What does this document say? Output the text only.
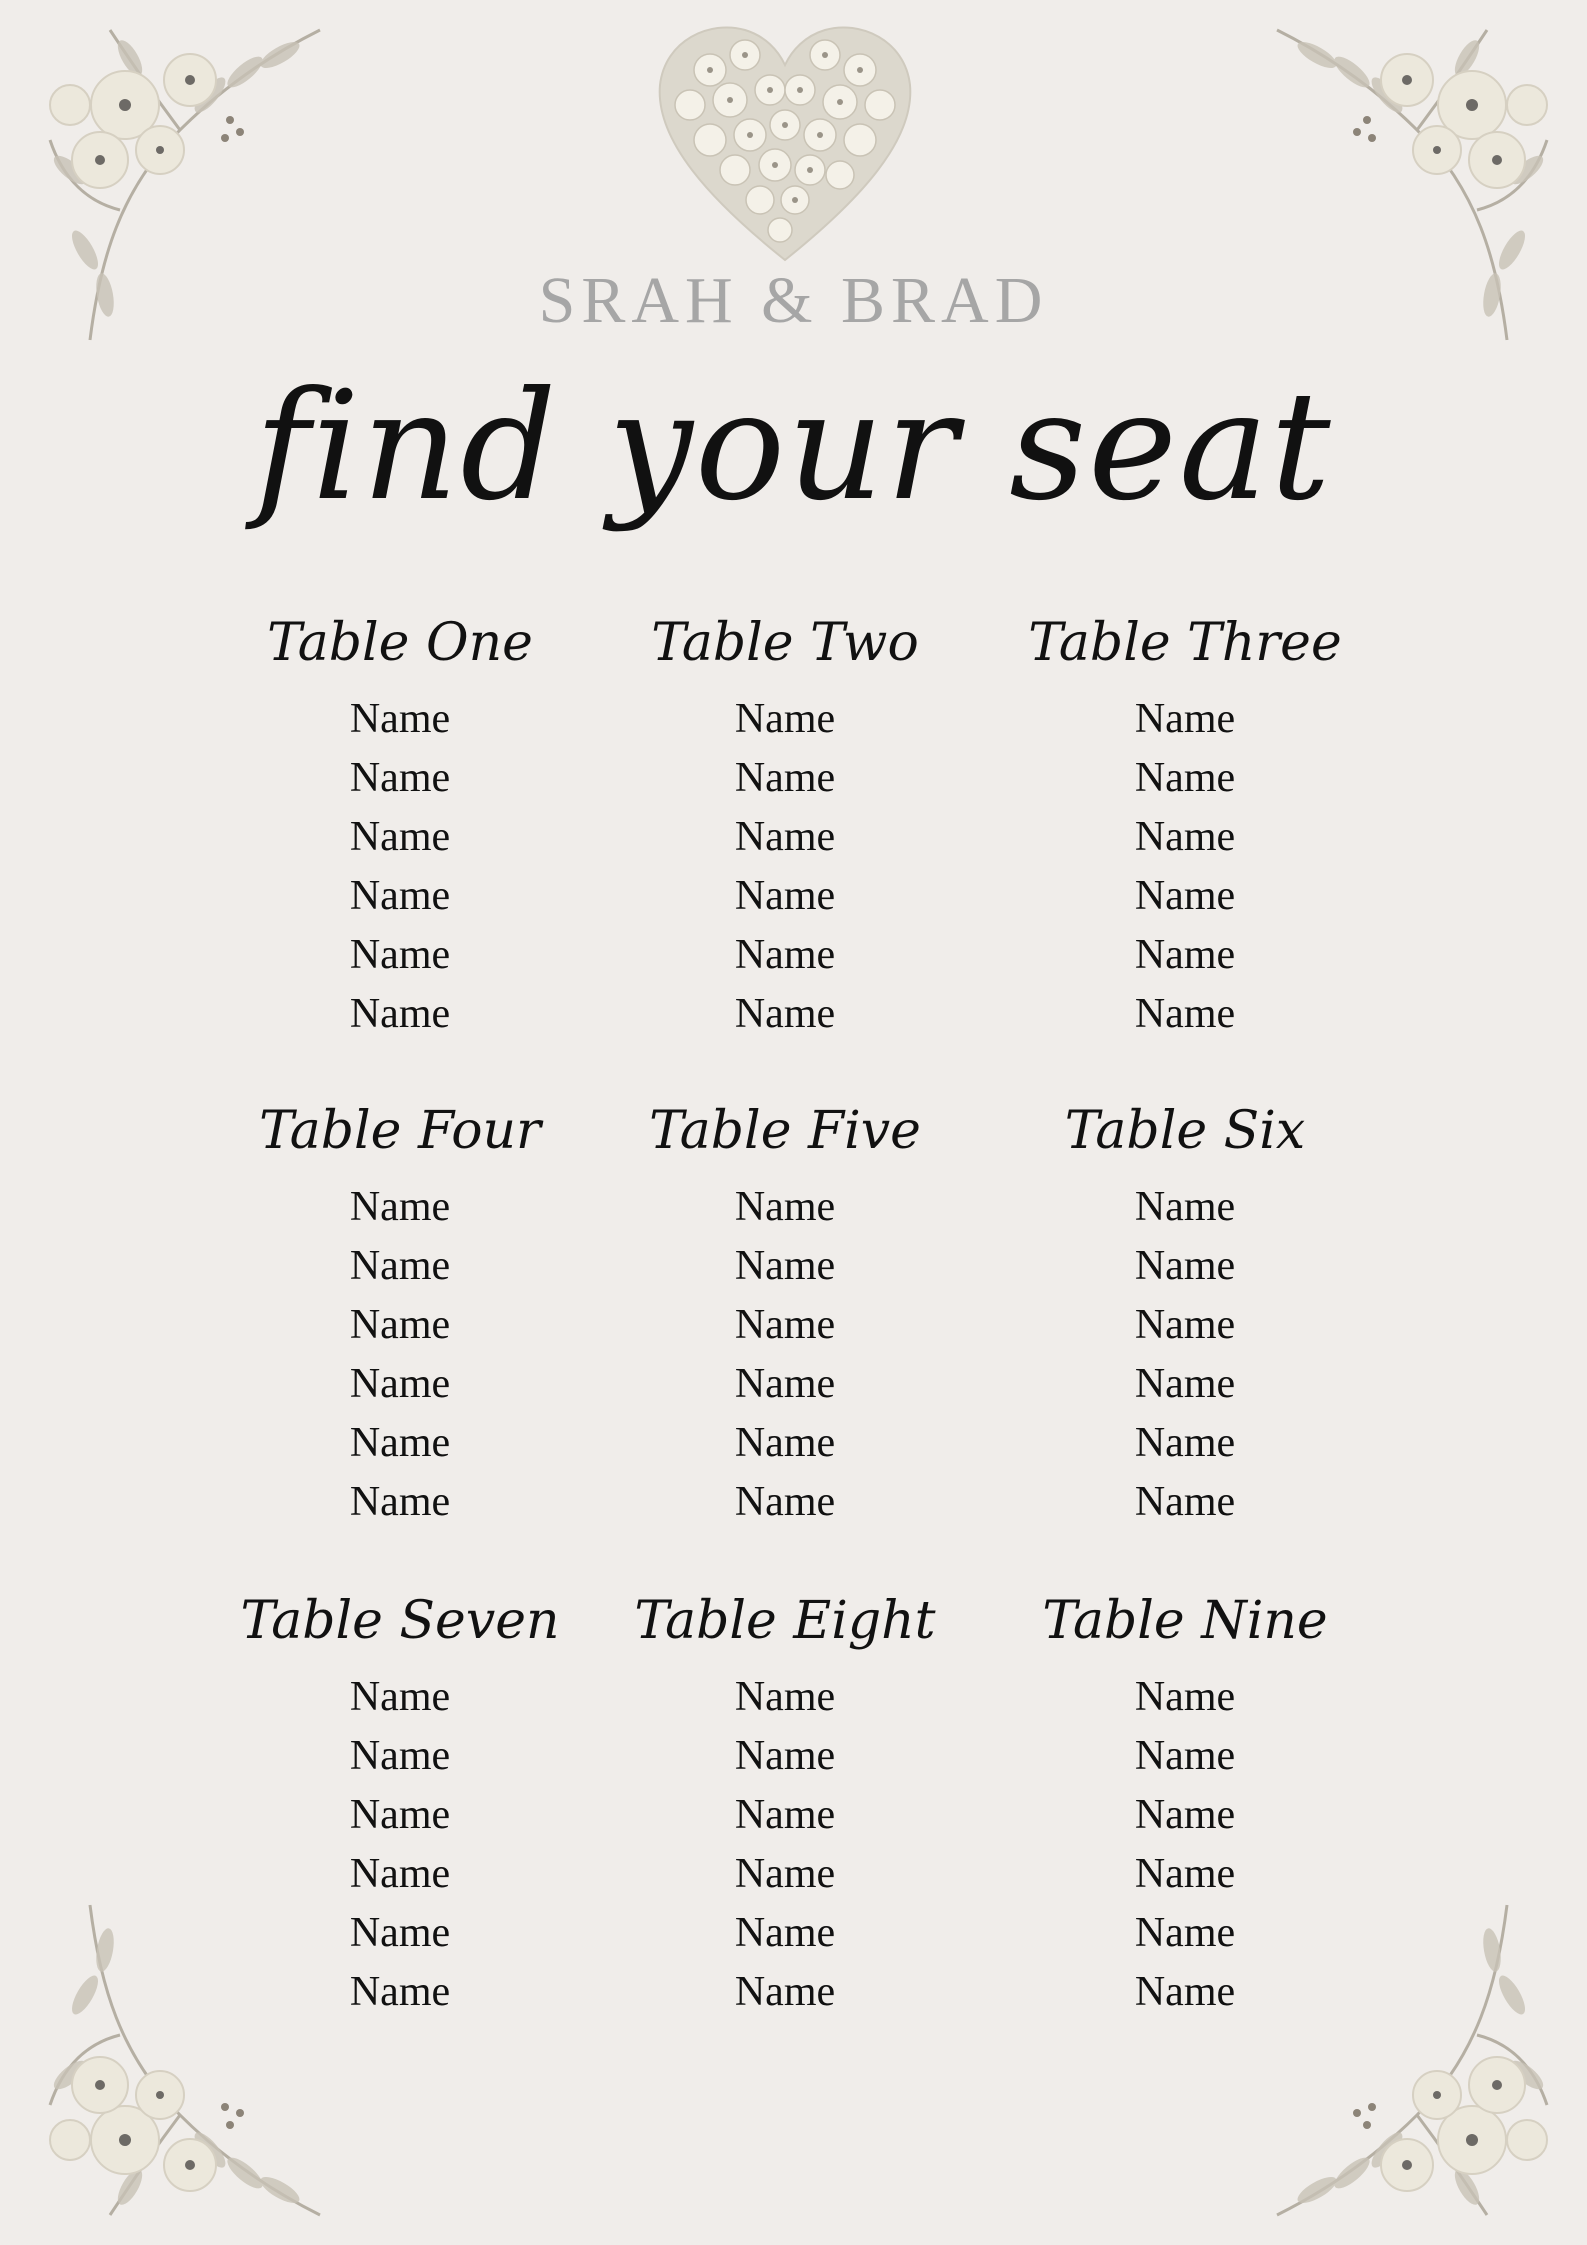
SRAH & BRAD
find your seat
Table One
Name
Name
Name
Name
Name
Name
Table Two
Name
Name
Name
Name
Name
Name
Table Three
Name
Name
Name
Name
Name
Name
Table Four
Name
Name
Name
Name
Name
Name
Table Five
Name
Name
Name
Name
Name
Name
Table Six
Name
Name
Name
Name
Name
Name
Table Seven
Name
Name
Name
Name
Name
Name
Table Eight
Name
Name
Name
Name
Name
Name
Table Nine
Name
Name
Name
Name
Name
Name
